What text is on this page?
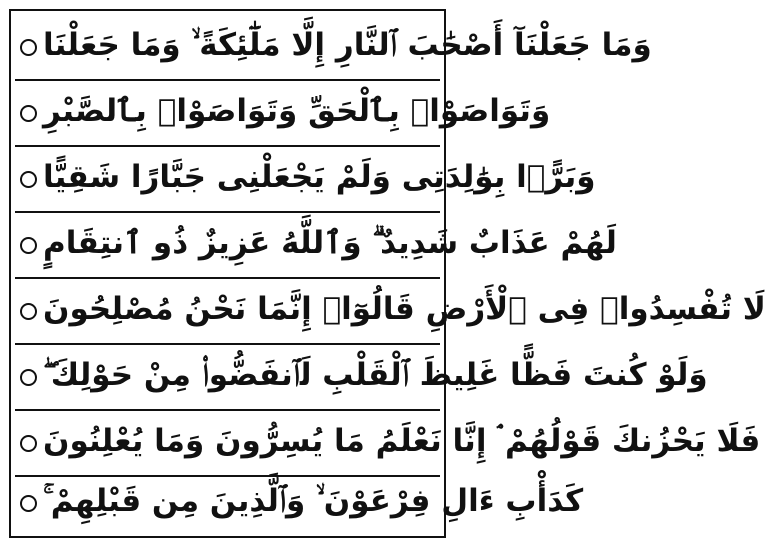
وَمَا جَعَلْنَآ أَصْحَٰبَ ٱلنَّارِ إِلَّا مَلَٰٓئِكَةً ۙ وَمَا جَعَلْنَا
وَتَوَاصَوْا۟ بِٱلْحَقِّ وَتَوَاصَوْا۟ بِٱلصَّبْرِ
وَبَرًّۢا بِوَٰلِدَتِى وَلَمْ يَجْعَلْنِى جَبَّارًا شَقِيًّا
لَهُمْ عَذَابٌ شَدِيدٌ ۗ وَٱللَّهُ عَزِيزٌ ذُو ٱنتِقَامٍ
لَا تُفْسِدُوا۟ فِى ٱلْأَرْضِ قَالُوٓا۟ إِنَّمَا نَحْنُ مُصْلِحُونَ
وَلَوْ كُنتَ فَظًّا غَلِيظَ ٱلْقَلْبِ لَٱنفَضُّوا۟ مِنْ حَوْلِكَ ۖ
فَلَا يَحْزُنكَ قَوْلُهُمْ ۘ إِنَّا نَعْلَمُ مَا يُسِرُّونَ وَمَا يُعْلِنُونَ
كَدَأْبِ ءَالِ فِرْعَوْنَ ۙ وَٱلَّذِينَ مِن قَبْلِهِمْ ۚ
